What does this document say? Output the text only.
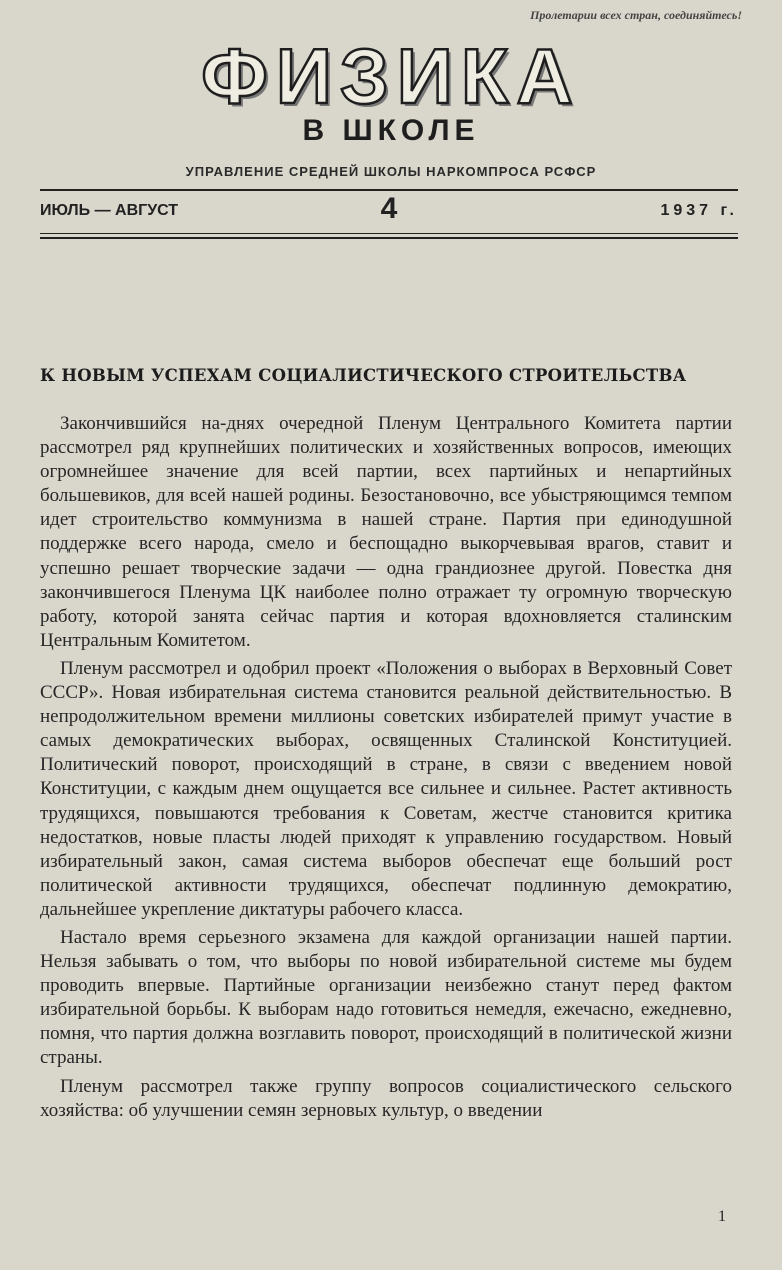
Пролетарии всех стран, соединяйтесь!
ФИЗИКА
В ШКОЛЕ
УПРАВЛЕНИЕ СРЕДНЕЙ ШКОЛЫ НАРКОМПРОСА РСФСР
ИЮЛЬ — АВГУСТ	4	1937 г.
К НОВЫМ УСПЕХАМ СОЦИАЛИСТИЧЕСКОГО СТРОИТЕЛЬСТВА

Закончившийся на-днях очередной Пленум Центрального Комитета партии рассмотрел ряд крупнейших политических и хозяйственных вопросов, имеющих огромнейшее значение для всей партии, всех партийных и непартийных большевиков, для всей нашей родины. Безостановочно, все убыстряющимся темпом идет строительство коммунизма в нашей стране. Партия при единодушной поддержке всего народа, смело и беспощадно выкорчевывая врагов, ставит и успешно решает творческие задачи — одна грандиознее другой. Повестка дня закончившегося Пленума ЦК наиболее полно отражает ту огромную творческую работу, которой занята сейчас партия и которая вдохновляется сталинским Центральным Комитетом.

Пленум рассмотрел и одобрил проект «Положения о выборах в Верховный Совет СССР». Новая избирательная система становится реальной действительностью. В непродолжительном времени миллионы советских избирателей примут участие в самых демократических выборах, освященных Сталинской Конституцией. Политический поворот, происходящий в стране, в связи с введением новой Конституции, с каждым днем ощущается все сильнее и сильнее. Растет активность трудящихся, повышаются требования к Советам, жестче становится критика недостатков, новые пласты людей приходят к управлению государством. Новый избирательный закон, самая система выборов обеспечат еще больший рост политической активности трудящихся, обеспечат подлинную демократию, дальнейшее укрепление диктатуры рабочего класса.

Настало время серьезного экзамена для каждой организации нашей партии. Нельзя забывать о том, что выборы по новой избирательной системе мы будем проводить впервые. Партийные организации неизбежно станут перед фактом избирательной борьбы. К выборам надо готовиться немедля, ежечасно, ежедневно, помня, что партия должна возглавить поворот, происходящий в политической жизни страны.

Пленум рассмотрел также группу вопросов социалистического сельского хозяйства: об улучшении семян зерновых культур, о введении

1
